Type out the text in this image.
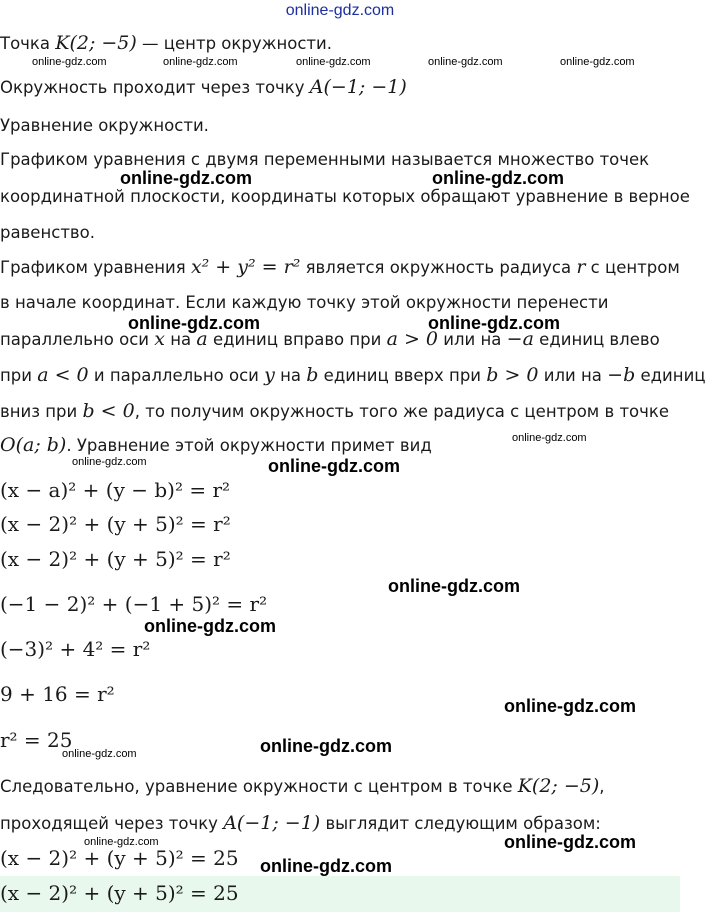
online-gdz.com
Точка K(2; −5) — центр окружности.
Окружность проходит через точку A(−1; −1)
Уравнение окружности.
Графиком уравнения с двумя переменными называется множество точек
координатной плоскости, координаты которых обращают уравнение в верное
равенство.
Графиком уравнения x² + y² = r² является окружность радиуса r с центром
в начале координат. Если каждую точку этой окружности перенести
параллельно оси x на a единиц вправо при a > 0 или на −a единиц влево
при a < 0 и параллельно оси y на b единиц вверх при b > 0 или на −b единиц
вниз при b < 0, то получим окружность того же радиуса с центром в точке
O(a; b). Уравнение этой окружности примет вид
(x − a)² + (y − b)² = r²
(x − 2)² + (y + 5)² = r²
(x − 2)² + (y + 5)² = r²
(−1 − 2)² + (−1 + 5)² = r²
(−3)² + 4² = r²
9 + 16 = r²
r² = 25
Следовательно, уравнение окружности с центром в точке K(2; −5),
проходящей через точку A(−1; −1) выглядит следующим образом:
(x − 2)² + (y + 5)² = 25
(x − 2)² + (y + 5)² = 25
online-gdz.com	online-gdz.com	online-gdz.com	online-gdz.com	online-gdz.com
online-gdz.com	online-gdz.com
online-gdz.com	online-gdz.com
online-gdz.com
online-gdz.com	online-gdz.com
online-gdz.com
online-gdz.com
online-gdz.com
online-gdz.com
online-gdz.com
online-gdz.com	online-gdz.com
online-gdz.com
